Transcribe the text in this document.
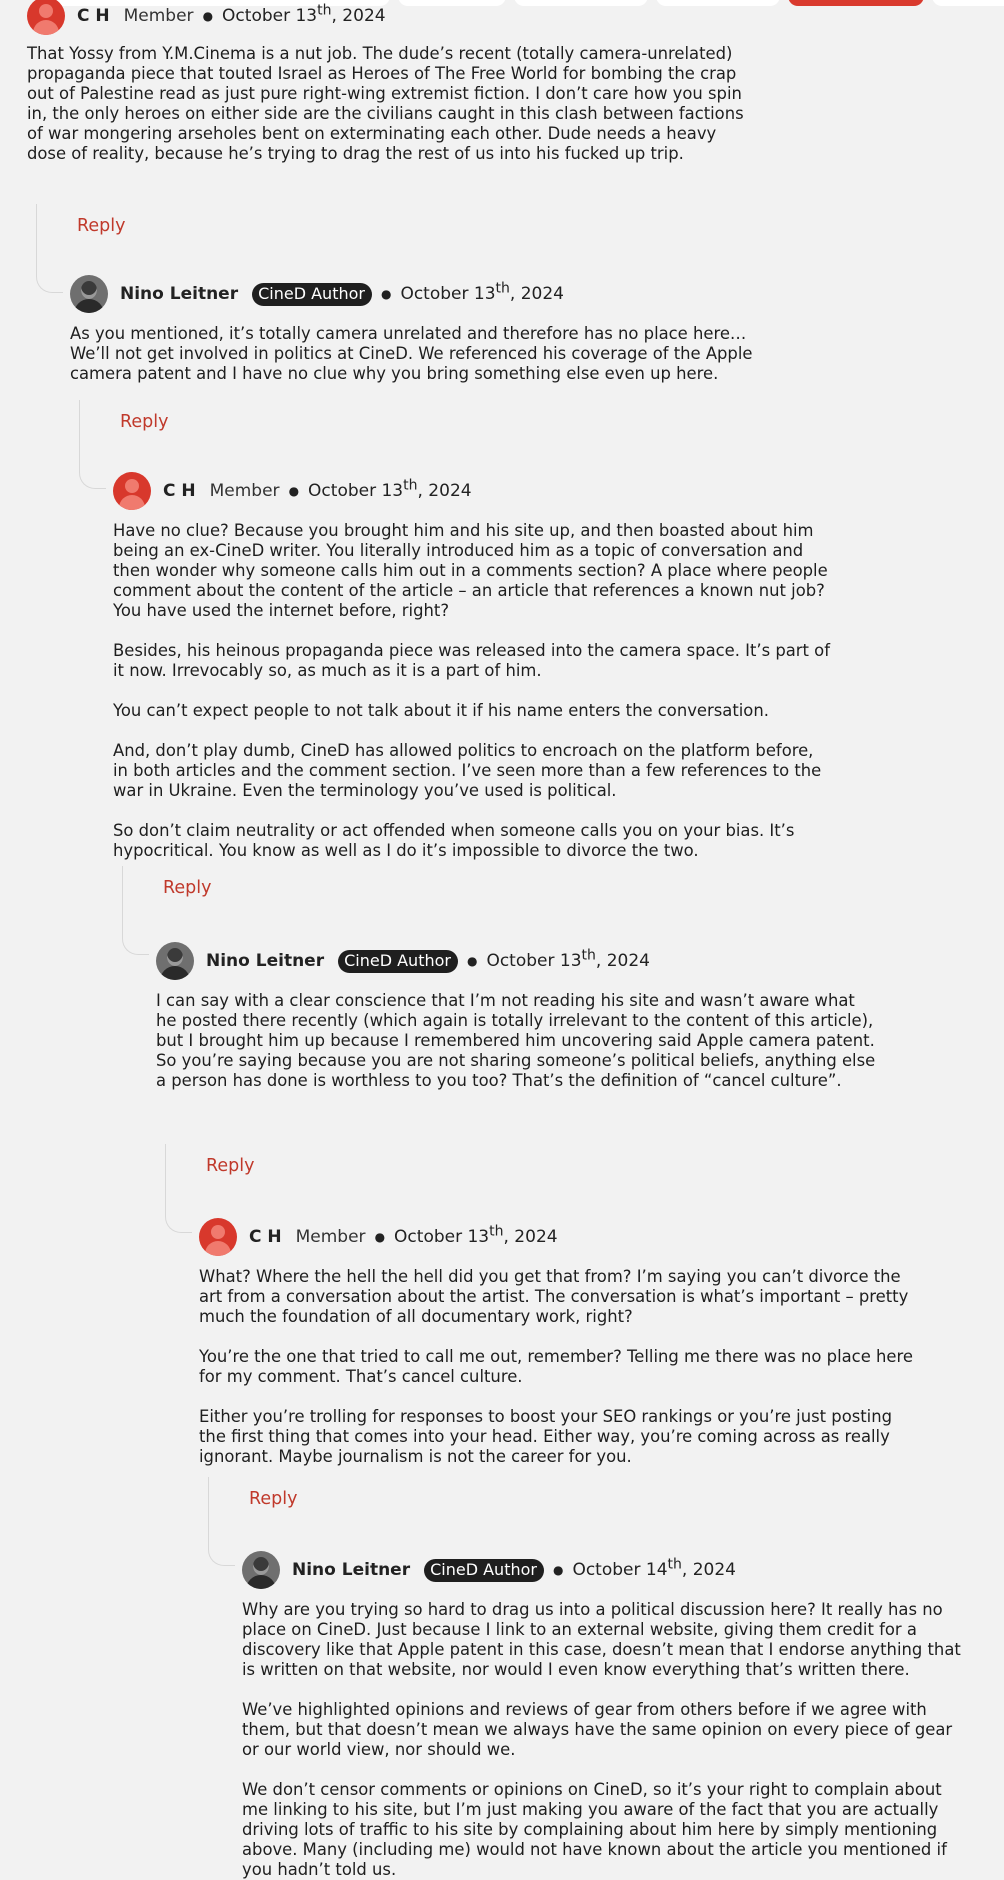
C H Member ● October 13th, 2024

That Yossy from Y.M.Cinema is a nut job. The dude’s recent (totally camera-unrelated) propaganda piece that touted Israel as Heroes of The Free World for bombing the crap out of Palestine read as just pure right-wing extremist fiction. I don’t care how you spin in, the only heroes on either side are the civilians caught in this clash between factions of war mongering arseholes bent on exterminating each other. Dude needs a heavy dose of reality, because he’s trying to drag the rest of us into his fucked up trip.

Reply
Nino Leitner	CineD Author	● October 13th, 2024

As you mentioned, it’s totally camera unrelated and therefore has no place here… We’ll not get involved in politics at CineD. We referenced his coverage of the Apple camera patent and I have no clue why you bring something else even up here.

Reply
C H Member ● October 13th, 2024

Have no clue? Because you brought him and his site up, and then boasted about him being an ex-CineD writer. You literally introduced him as a topic of conversation and then wonder why someone calls him out in a comments section? A place where people comment about the content of the article – an article that references a known nut job? You have used the internet before, right?

Besides, his heinous propaganda piece was released into the camera space. It’s part of it now. Irrevocably so, as much as it is a part of him.

You can’t expect people to not talk about it if his name enters the conversation.

And, don’t play dumb, CineD has allowed politics to encroach on the platform before, in both articles and the comment section. I’ve seen more than a few references to the war in Ukraine. Even the terminology you’ve used is political.

So don’t claim neutrality or act offended when someone calls you on your bias. It’s hypocritical. You know as well as I do it’s impossible to divorce the two.

Reply
Nino Leitner	CineD Author	● October 13th, 2024

I can say with a clear conscience that I’m not reading his site and wasn’t aware what he posted there recently (which again is totally irrelevant to the content of this article), but I brought him up because I remembered him uncovering said Apple camera patent.
So you’re saying because you are not sharing someone’s political beliefs, anything else a person has done is worthless to you too? That’s the definition of “cancel culture”.

Reply
C H Member ● October 13th, 2024

What? Where the hell the hell did you get that from? I’m saying you can’t divorce the art from a conversation about the artist. The conversation is what’s important – pretty much the foundation of all documentary work, right?

You’re the one that tried to call me out, remember? Telling me there was no place here for my comment. That’s cancel culture.

Either you’re trolling for responses to boost your SEO rankings or you’re just posting the first thing that comes into your head. Either way, you’re coming across as really ignorant. Maybe journalism is not the career for you.

Reply
Nino Leitner	CineD Author	● October 14th, 2024

Why are you trying so hard to drag us into a political discussion here? It really has no place on CineD. Just because I link to an external website, giving them credit for a discovery like that Apple patent in this case, doesn’t mean that I endorse anything that is written on that website, nor would I even know everything that’s written there.

We’ve highlighted opinions and reviews of gear from others before if we agree with them, but that doesn’t mean we always have the same opinion on every piece of gear or our world view, nor should we.

We don’t censor comments or opinions on CineD, so it’s your right to complain about me linking to his site, but I’m just making you aware of the fact that you are actually driving lots of traffic to his site by complaining about him here by simply mentioning above. Many (including me) would not have known about the article you mentioned if you hadn’t told us.
